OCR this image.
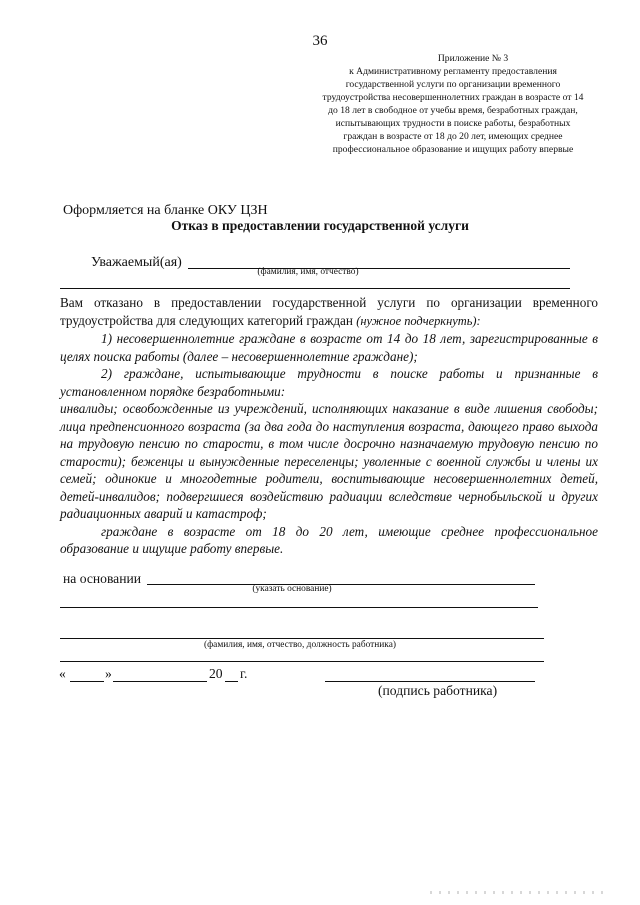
36
Приложение № 3
к Административному регламенту предоставления
государственной услуги по организации временного
трудоустройства несовершеннолетних граждан в возрасте от 14
до 18 лет в свободное от учебы время, безработных граждан,
испытывающих трудности в поиске работы, безработных
граждан в возрасте от 18 до 20 лет, имеющих среднее
профессиональное образование и ищущих работу впервые
Оформляется на бланке ОКУ ЦЗН
Отказ в предоставлении государственной услуги
Уважаемый(ая)
(фамилия, имя, отчество)

Вам отказано в предоставлении государственной услуги по организации временного трудоустройства для следующих категорий граждан (нужное подчеркнуть):

1) несовершеннолетние граждане в возрасте от 14 до 18 лет, зарегистрированные в целях поиска работы (далее – несовершеннолетние граждане);

2) граждане, испытывающие трудности в поиске работы и признанные в установленном порядке безработными:

инвалиды; освобожденные из учреждений, исполняющих наказание в виде лишения свободы; лица предпенсионного возраста (за два года до наступления возраста, дающего право выхода на трудовую пенсию по старости, в том числе досрочно назначаемую трудовую пенсию по старости); беженцы и вынужденные переселенцы; уволенные с военной службы и члены их семей; одинокие и многодетные родители, воспитывающие несовершеннолетних детей, детей-инвалидов; подвергшиеся воздействию радиации вследствие чернобыльской и других радиационных аварий и катастроф;

граждане в возрасте от 18 до 20 лет, имеющие среднее профессиональное образование и ищущие работу впервые.

на основании
(указать основание)
(фамилия, имя, отчество, должность работника)
«	»	20 г.
(подпись работника)
